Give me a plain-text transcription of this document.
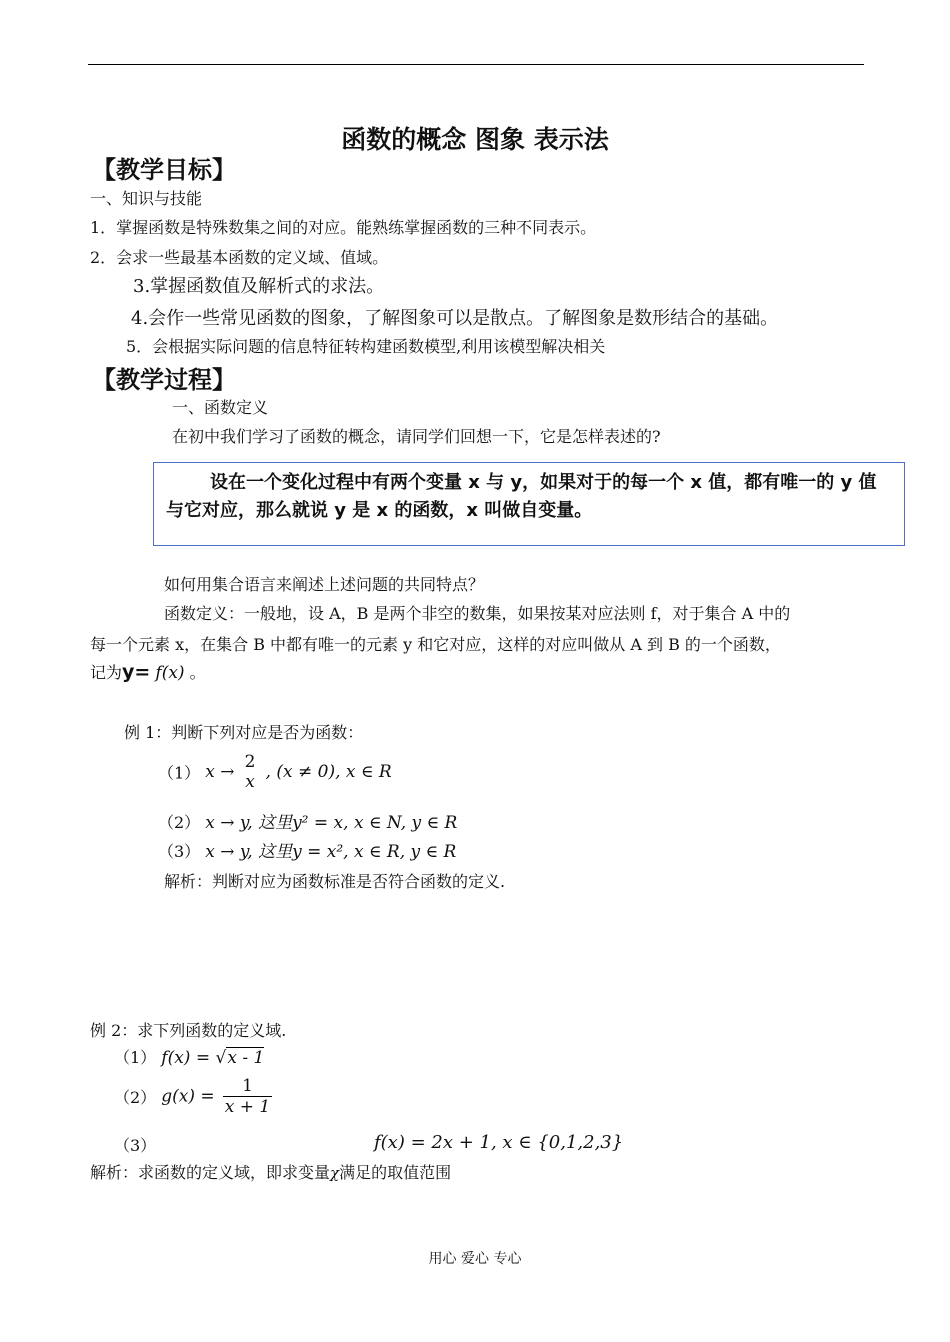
函数的概念 图象 表示法
【教学目标】
一、知识与技能
1．掌握函数是特殊数集之间的对应。能熟练掌握函数的三种不同表示。
2．会求一些最基本函数的定义域、值域。
3.掌握函数值及解析式的求法。
4.会作一些常见函数的图象，了解图象可以是散点。了解图象是数形结合的基础。
5．会根据实际问题的信息特征转构建函数模型,利用该模型解决相关
【教学过程】
一、函数定义
在初中我们学习了函数的概念，请同学们回想一下，它是怎样表述的?
设在一个变化过程中有两个变量 x 与 y，如果对于的每一个 x 值，都有唯一的 y 值与它对应，那么就说 y 是 x 的函数，x 叫做自变量。
如何用集合语言来阐述上述问题的共同特点？
函数定义：一般地，设 A，B 是两个非空的数集，如果按某对应法则 f，对于集合 A 中的
每一个元素 x，在集合 B 中都有唯一的元素 y 和它对应，这样的对应叫做从 A 到 B 的一个函数，
记为y= f(x) 。
例 1：判断下列对应是否为函数：
（1） x → 2
x , (x ≠ 0), x ∈ R
（2） x → y, 这里y² = x, x ∈ N, y ∈ R
（3） x → y, 这里y = x², x ∈ R, y ∈ R
解析：判断对应为函数标准是否符合函数的定义.
例 2：求下列函数的定义域.
（1） f(x) = √x - 1
（2） $g(x) = \frac{1}{x + 1}$
（3）	f(x) = 2x + 1, x ∈ {0,1,2,3}
解析：求函数的定义域，即求变量χ满足的取值范围
用心 爱心 专心
